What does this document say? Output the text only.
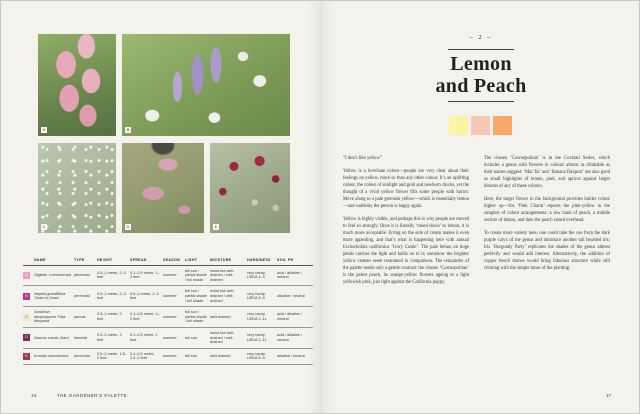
A	B
C	D	E
	NAME	TYPE	HEIGHT	SPREAD	SEASON	LIGHT	MOISTURE	HARDINESS	SOIL PH

A	Digitalis ×mertonensis	perennial	0.5–1 metre, 2–4 feet	0.1–0.5 metre, 1–2 feet	summer	full sun / partial shade / full shade	moist but well-drained / well-drained	very hardy, USDA 4–9	acid / alkaline / neutral

B	Nepeta grandiflora ‘Dawn to Dusk’	perennial	0.5–1 metre, 2–3 feet	0.5–1 metre, 2–3 feet	summer	full sun / partial shade / full shade	moist but well-drained / well-drained	very hardy, USDA 4–9	alkaline / neutral

C	Scabiosa atropurpurea ‘Fata Morgana’	annual	0.5–1 metre, 3 feet	0.1–0.5 metre, 1–2 feet	summer	full sun / partial shade / full shade	well-drained	very hardy, USDA 2–11	acid / alkaline / neutral

D	Daucus carota ‘Dara’	biennial	0.5–1 metre, 3 feet	0.1–0.5 metre, 1 foot	summer	full sun	moist but well-drained / well-drained	very hardy, USDA 2–11	acid / alkaline / neutral

E	Knautia macedonica	perennial	0.5–1 metre, 1.5–2 feet	0.1–0.5 metre, 1.5–2 feet	summer	full sun	well-drained	very hardy, USDA 5–9	alkaline / neutral
16	THE GARDENER’S PALETTE
– 2 –
Lemon
and Peach

“I don’t like yellow”

Yellow is a love/hate colour—people are very clear about their feelings on yellow, more so than any other colour. It’s an uplifting colour, the colour of sunlight and gold and newborn chicks, yet the thought of a vivid yellow flower fills some people with horror. Move along to a pale greenish yellow—which is essentially lemon—and suddenly the person is happy again.

Yellow is highly visible, and perhaps this is why people are moved to feel so strongly. Once it is literally ‘toned down’ to lemon, it is much more acceptable. Erring on the side of cream makes it even more appealing, and that’s what is happening here with annual Eschscholzia californica ‘Ivory Castle’. The pale lemon on huge petals catches the light and holds on to it; somehow the brighter yellow centres seem restrained in comparison. The remainder of the palette needs only a gentle contrast: the chosen ‘Cosmopolitan’ is the palest peach, its orange-yellow flowers ageing to a light yellowish pink, just right against the California poppy.

The chosen ‘Cosmopolitan’ is in the Cocktail Series, which includes a genus with flowers in colours almost as drinkable as their names suggest: ‘Mai Tai’ and ‘Banana Daiquiri’ are also good as small highlights of lemon, pink, and apricot against larger blooms of any of these colours.

Here, the larger flower in the background provides bolder colour higher up—Iris ‘Pink Charm’ repeats the pink-yellow in the simplest of colour arrangements: a low band of peach, a middle section of lemon, and then the peach raised overhead.

To create more variety here, one could take the cue from the dark purple calyx of the genus and introduce another tall bearded iris: Iris ‘Burgundy Party’ replicates the shades of the genus almost perfectly and would add interest. Alternatively, the addition of copper beech domes would bring fabulous structure while still chiming with the simple tones of the planting.

17
